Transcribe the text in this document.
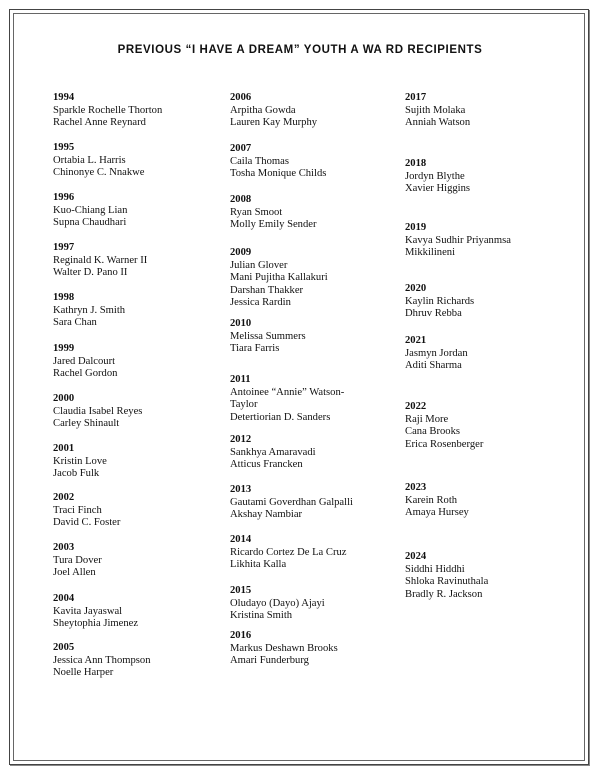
PREVIOUS “I HAVE A DREAM” YOUTH A WA RD RECIPIENTS
1994
Sparkle Rochelle Thorton
Rachel Anne Reynard
1995
Ortabia L. Harris
Chinonye C. Nnakwe
1996
Kuo-Chiang Lian
Supna Chaudhari
1997
Reginald K. Warner II
Walter D. Pano II
1998
Kathryn J. Smith
Sara Chan
1999
Jared Dalcourt
Rachel Gordon
2000
Claudia Isabel Reyes
Carley Shinault
2001
Kristin Love
Jacob Fulk
2002
Traci Finch
David C. Foster
2003
Tura Dover
Joel Allen
2004
Kavita Jayaswal
Sheytophia Jimenez
2005
Jessica Ann Thompson
Noelle Harper
2006
Arpitha Gowda
Lauren Kay Murphy
2007
Caila Thomas
Tosha Monique Childs
2008
Ryan Smoot
Molly Emily Sender
2009
Julian Glover
Mani Pujitha Kallakuri
Darshan Thakker
Jessica Rardin
2010
Melissa Summers
Tiara Farris
2011
Antoinee “Annie” Watson-
Taylor
Detertiorian D. Sanders
2012
Sankhya Amaravadi
Atticus Francken
2013
Gautami Goverdhan Galpalli
Akshay Nambiar
2014
Ricardo Cortez De La Cruz
Likhita Kalla
2015
Oludayo (Dayo) Ajayi
Kristina Smith
2016
Markus Deshawn Brooks
Amari Funderburg
2017
Sujith Molaka
Anniah Watson
2018
Jordyn Blythe
Xavier Higgins
2019
Kavya Sudhir Priyanmsa
Mikkilineni
2020
Kaylin Richards
Dhruv Rebba
2021
Jasmyn Jordan
Aditi Sharma
2022
Raji More
Cana Brooks
Erica Rosenberger
2023
Karein Roth
Amaya Hursey
2024
Siddhi Hiddhi
Shloka Ravinuthala
Bradly R. Jackson
